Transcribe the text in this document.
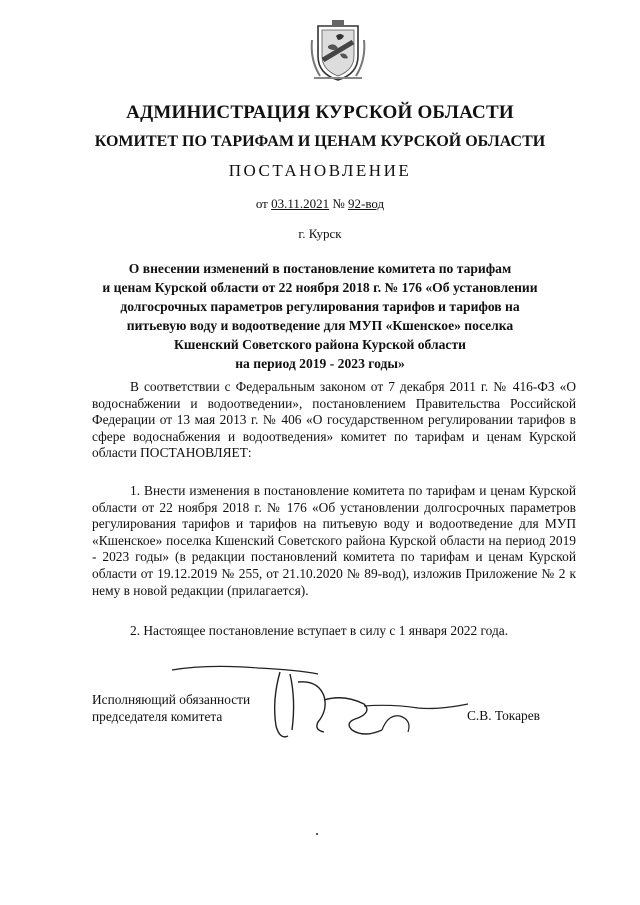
АДМИНИСТРАЦИЯ КУРСКОЙ ОБЛАСТИ
КОМИТЕТ ПО ТАРИФАМ И ЦЕНАМ КУРСКОЙ ОБЛАСТИ
ПОСТАНОВЛЕНИЕ
от 03.11.2021 № 92-вод
г. Курск
О внесении изменений в постановление комитета по тарифам
и ценам Курской области от 22 ноября 2018 г. № 176 «Об установлении
долгосрочных параметров регулирования тарифов и тарифов на
питьевую воду и водоотведение для МУП «Кшенское» поселка
Кшенский Советского района Курской области
на период 2019 - 2023 годы»
В соответствии с Федеральным законом от 7 декабря 2011 г. № 416-ФЗ «О водоснабжении и водоотведении», постановлением Правительства Российской Федерации от 13 мая 2013 г. № 406 «О государственном регулировании тарифов в сфере водоснабжения и водоотведения» комитет по тарифам и ценам Курской области ПОСТАНОВЛЯЕТ:
1. Внести изменения в постановление комитета по тарифам и ценам Курской области от 22 ноября 2018 г. № 176 «Об установлении долгосрочных параметров регулирования тарифов и тарифов на питьевую воду и водоотведение для МУП «Кшенское» поселка Кшенский Советского района Курской области на период 2019 - 2023 годы» (в редакции постановлений комитета по тарифам и ценам Курской области от 19.12.2019 № 255, от 21.10.2020 № 89-вод), изложив Приложение № 2 к нему в новой редакции (прилагается).
2. Настоящее постановление вступает в силу с 1 января 2022 года.
Исполняющий обязанности
председателя комитета	С.В. Токарев
